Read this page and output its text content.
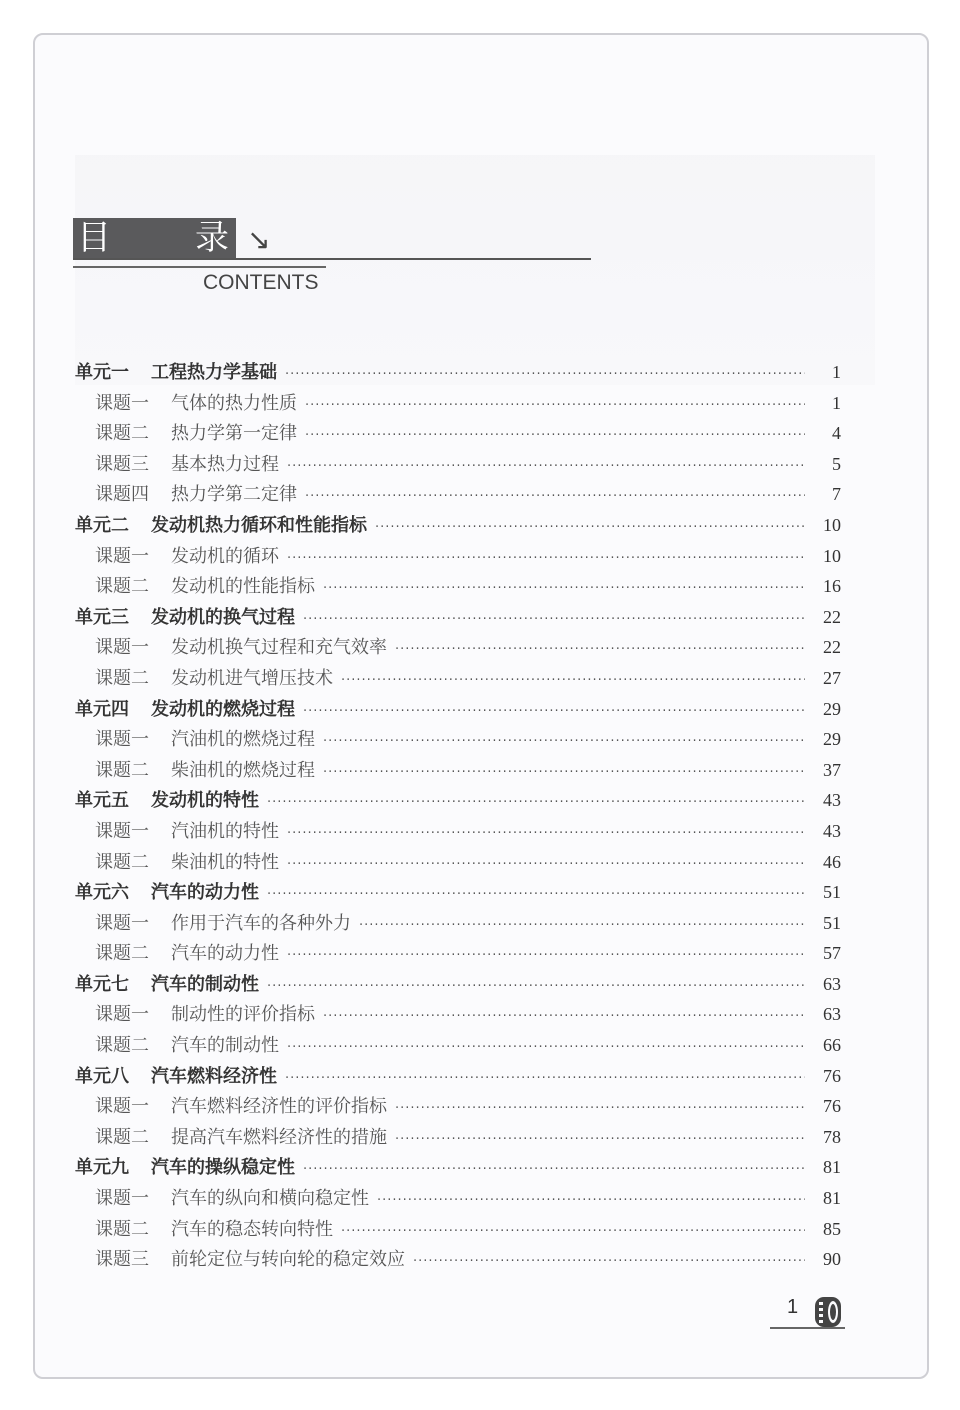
目 录 ↘
CONTENTS
单元一	工程热力学基础 ·····	1
课题一	气体的热力性质 ·····	1
课题二	热力学第一定律 ·····	4
课题三	基本热力过程 ·····	5
课题四	热力学第二定律 ·····	7
单元二	发动机热力循环和性能指标 ·····	10
课题一	发动机的循环 ·····	10
课题二	发动机的性能指标 ·····	16
单元三	发动机的换气过程 ·····	22
课题一	发动机换气过程和充气效率 ·····	22
课题二	发动机进气增压技术 ·····	27
单元四	发动机的燃烧过程 ·····	29
课题一	汽油机的燃烧过程 ·····	29
课题二	柴油机的燃烧过程 ·····	37
单元五	发动机的特性 ·····	43
课题一	汽油机的特性 ·····	43
课题二	柴油机的特性 ·····	46
单元六	汽车的动力性 ·····	51
课题一	作用于汽车的各种外力 ·····	51
课题二	汽车的动力性 ·····	57
单元七	汽车的制动性 ·····	63
课题一	制动性的评价指标 ·····	63
课题二	汽车的制动性 ·····	66
单元八	汽车燃料经济性 ·····	76
课题一	汽车燃料经济性的评价指标 ·····	76
课题二	提高汽车燃料经济性的措施 ·····	78
单元九	汽车的操纵稳定性 ·····	81
课题一	汽车的纵向和横向稳定性 ·····	81
课题二	汽车的稳态转向特性 ·····	85
课题三	前轮定位与转向轮的稳定效应 ·····	90
1
